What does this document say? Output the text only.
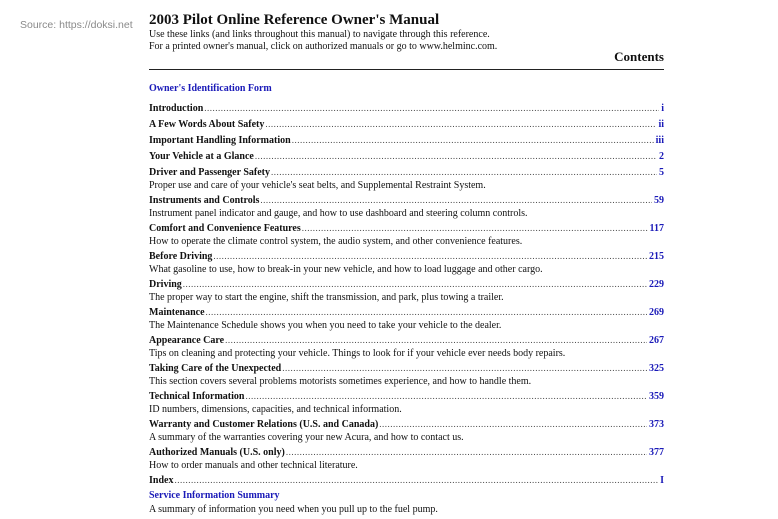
Source: https://doksi.net 2003 Pilot Online Reference Owner's Manual

Use these links (and links throughout this manual) to navigate through this reference.

For a printed owner's manual, click on authorized manuals or go to www.helminc.com.

Contents
Owner's Identification Form
Introduction .....	i
A Few Words About Safety .....	ii
Important Handling Information .....	iii
Your Vehicle at a Glance .....	2
Driver and Passenger Safety .....	5
Proper use and care of your vehicle's seat belts, and Supplemental Restraint System.
Instruments and Controls .....	59
Instrument panel indicator and gauge, and how to use dashboard and steering column controls.
Comfort and Convenience Features .....	117
How to operate the climate control system, the audio system, and other convenience features.
Before Driving .....	215
What gasoline to use, how to break-in your new vehicle, and how to load luggage and other cargo.
Driving .....	229
The proper way to start the engine, shift the transmission, and park, plus towing a trailer.
Maintenance .....	269
The Maintenance Schedule shows you when you need to take your vehicle to the dealer.
Appearance Care .....	267
Tips on cleaning and protecting your vehicle. Things to look for if your vehicle ever needs body repairs.
Taking Care of the Unexpected .....	325
This section covers several problems motorists sometimes experience, and how to handle them.
Technical Information .....	359
ID numbers, dimensions, capacities, and technical information.
Warranty and Customer Relations (U.S. and Canada) .....	373
A summary of the warranties covering your new Acura, and how to contact us.
Authorized Manuals (U.S. only) .....	377
How to order manuals and other technical literature.
Index .....	I
Service Information Summary
A summary of information you need when you pull up to the fuel pump.
